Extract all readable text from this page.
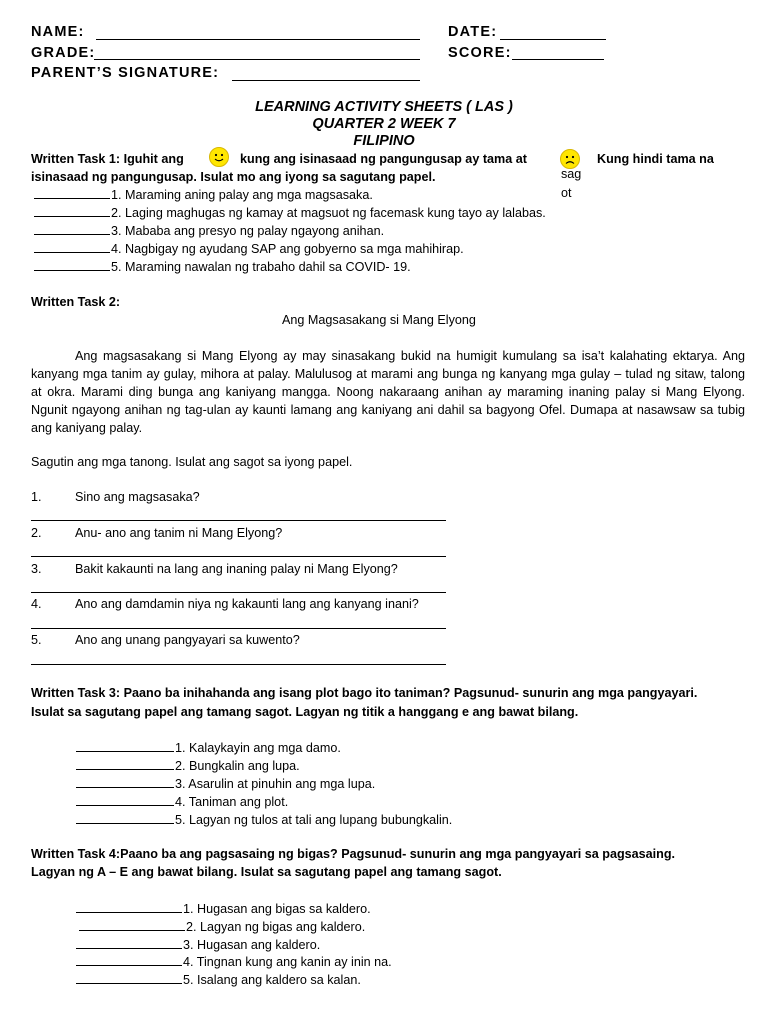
NAME:	DATE:
GRADE:	SCORE:
PARENT’S SIGNATURE:
LEARNING ACTIVITY SHEETS ( LAS )
QUARTER 2 WEEK 7
FILIPINO
Written Task 1: Iguhit ang	kung ang isinasaad ng pangungusap ay tama at	Kung hindi tama na
isinasaad ng pangungusap. Isulat mo ang iyong sa sagutang papel.	sag
ot
1. Maraming aning palay ang mga magsasaka.
2. Laging maghugas ng kamay at magsuot ng facemask kung tayo ay lalabas.
3. Mababa ang presyo ng palay ngayong anihan.
4. Nagbigay ng ayudang SAP ang gobyerno sa mga mahihirap.
5. Maraming nawalan ng trabaho dahil sa COVID- 19.
Written Task 2:
Ang Magsasakang si Mang Elyong
Ang magsasakang si Mang Elyong ay may sinasakang bukid na humigit kumulang sa isa’t kalahating ektarya. Ang kanyang mga tanim ay gulay, mihora at palay. Malulusog at marami ang bunga ng kanyang mga gulay – tulad ng sitaw, talong at okra. Marami ding bunga ang kaniyang mangga. Noong nakaraang anihan ay maraming inaning palay si Mang Elyong. Ngunit ngayong anihan ng tag-ulan ay kaunti lamang ang kaniyang ani dahil sa bagyong Ofel. Dumapa at nasawsaw sa tubig ang kaniyang palay.
Sagutin ang mga tanong. Isulat ang sagot sa iyong papel.
1.	Sino ang magsasaka?
2.	Anu- ano ang tanim ni Mang Elyong?
3.	Bakit kakaunti na lang ang inaning palay ni Mang Elyong?
4.	Ano ang damdamin niya ng kakaunti lang ang kanyang inani?
5.	Ano ang unang pangyayari sa kuwento?
Written Task 3: Paano ba inihahanda ang isang plot bago ito taniman? Pagsunud- sunurin ang mga pangyayari.
Isulat sa sagutang papel ang tamang sagot. Lagyan ng titik a hanggang e ang bawat bilang.
1. Kalaykayin ang mga damo.
2. Bungkalin ang lupa.
3. Asarulin at pinuhin ang mga lupa.
4. Taniman ang plot.
5. Lagyan ng tulos at tali ang lupang bubungkalin.
Written Task 4:Paano ba ang pagsasaing ng bigas? Pagsunud- sunurin ang mga pangyayari sa pagsasaing.
Lagyan ng A – E ang bawat bilang. Isulat sa sagutang papel ang tamang sagot.
1. Hugasan ang bigas sa kaldero.
2. Lagyan ng bigas ang kaldero.
3. Hugasan ang kaldero.
4. Tingnan kung ang kanin ay inin na.
5. Isalang ang kaldero sa kalan.
